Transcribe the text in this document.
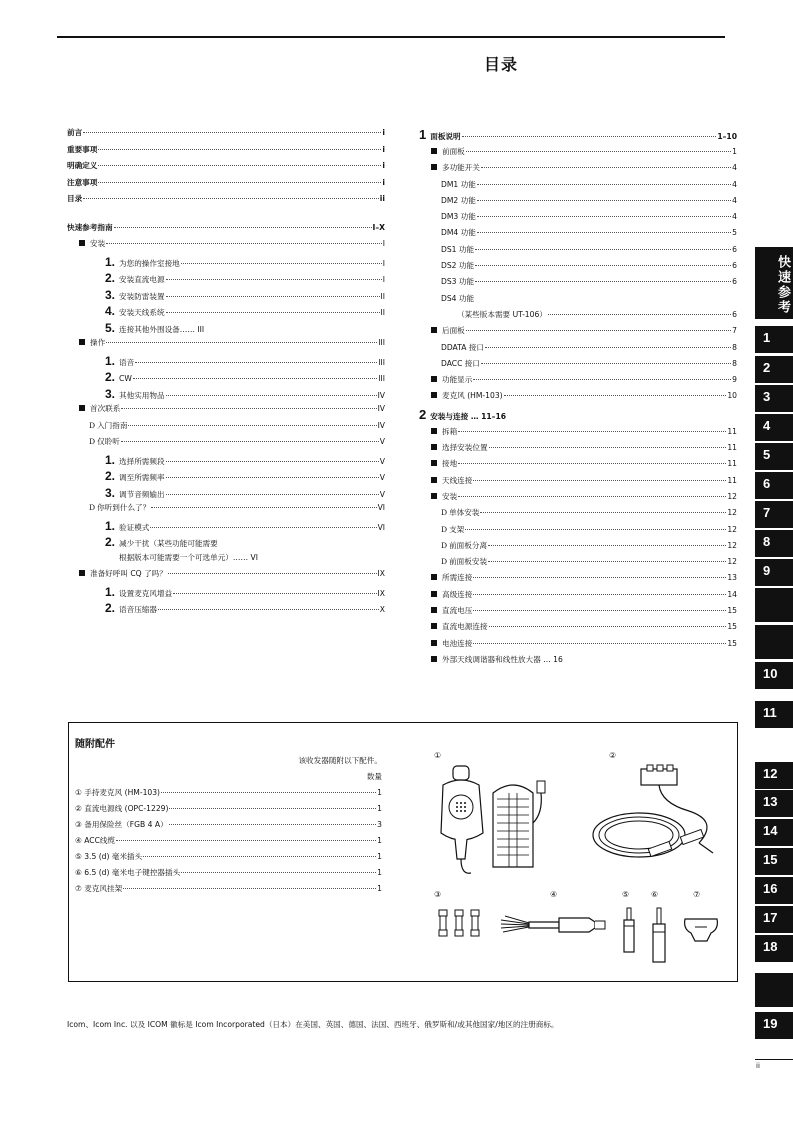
目录
前言	i
重要事项	i
明确定义	i
注意事项	i
目录	ii
快速参考指南	I–X
安装	I
1. 为您的操作室接地	I
2. 安装直流电源	I
3. 安装防雷装置	II
4. 安装天线系统	II
5. 连接其他外围设备…… III
操作	III
1. 语音	III
2. CW	III
3. 其他实用物品	IV
首次联系	IV
D 入门指南	IV
D 仅聆听	V
1. 选择所需频段	V
2. 调至所需频率	V
3. 调节音频输出	V
D 你听到什么了？	VI
1. 验证模式	VI
2. 减少干扰（某些功能可能需要
根据版本可能需要一个可选单元）…… VI
准备好呼叫 CQ 了吗？	IX
1. 设置麦克风增益	IX
2. 语音压缩器	X
1 面板说明	1–10
前面板	1
多功能开关	4
DM1 功能	4
DM2 功能	4
DM3 功能	4
DM4 功能	5
DS1 功能	6
DS2 功能	6
DS3 功能	6
DS4 功能
（某些版本需要 UT-106）	6
后面板	7
DDATA 接口	8
DACC 接口	8
功能显示	9
麦克风 (HM-103)	10
2 安装与连接 … 11–16
拆箱	11
选择安装位置	11
接地	11
天线连接	11
安装	12
D 单体安装	12
D 支架	12
D 前面板分离	12
D 前面板安装	12
所需连接	13
高级连接	14
直流电压	15
直流电源连接	15
电池连接	15
外部天线调谐器和线性放大器 … 16
随附配件
该收发器随附以下配件。
数量
① 手持麦克风 (HM-103)	1
② 直流电源线 (OPC-1229)	1
③ 备用保险丝（FGB 4 A）	3
④ ACC线缆	1
⑤ 3.5 (d) 毫米插头	1
⑥ 6.5 (d) 毫米电子键控器插头	1
⑦ 麦克风挂架	1
①	②
③	④	⑤	⑥	⑦
Icom、Icom Inc. 以及 ICOM 徽标是 Icom Incorporated（日本）在美国、英国、德国、法国、西班牙、俄罗斯和/或其他国家/地区的注册商标。
快速参考
1
2
3
4
5
6
7
8
9
10
11
12
13
14
15
16
17
18
19
ii
